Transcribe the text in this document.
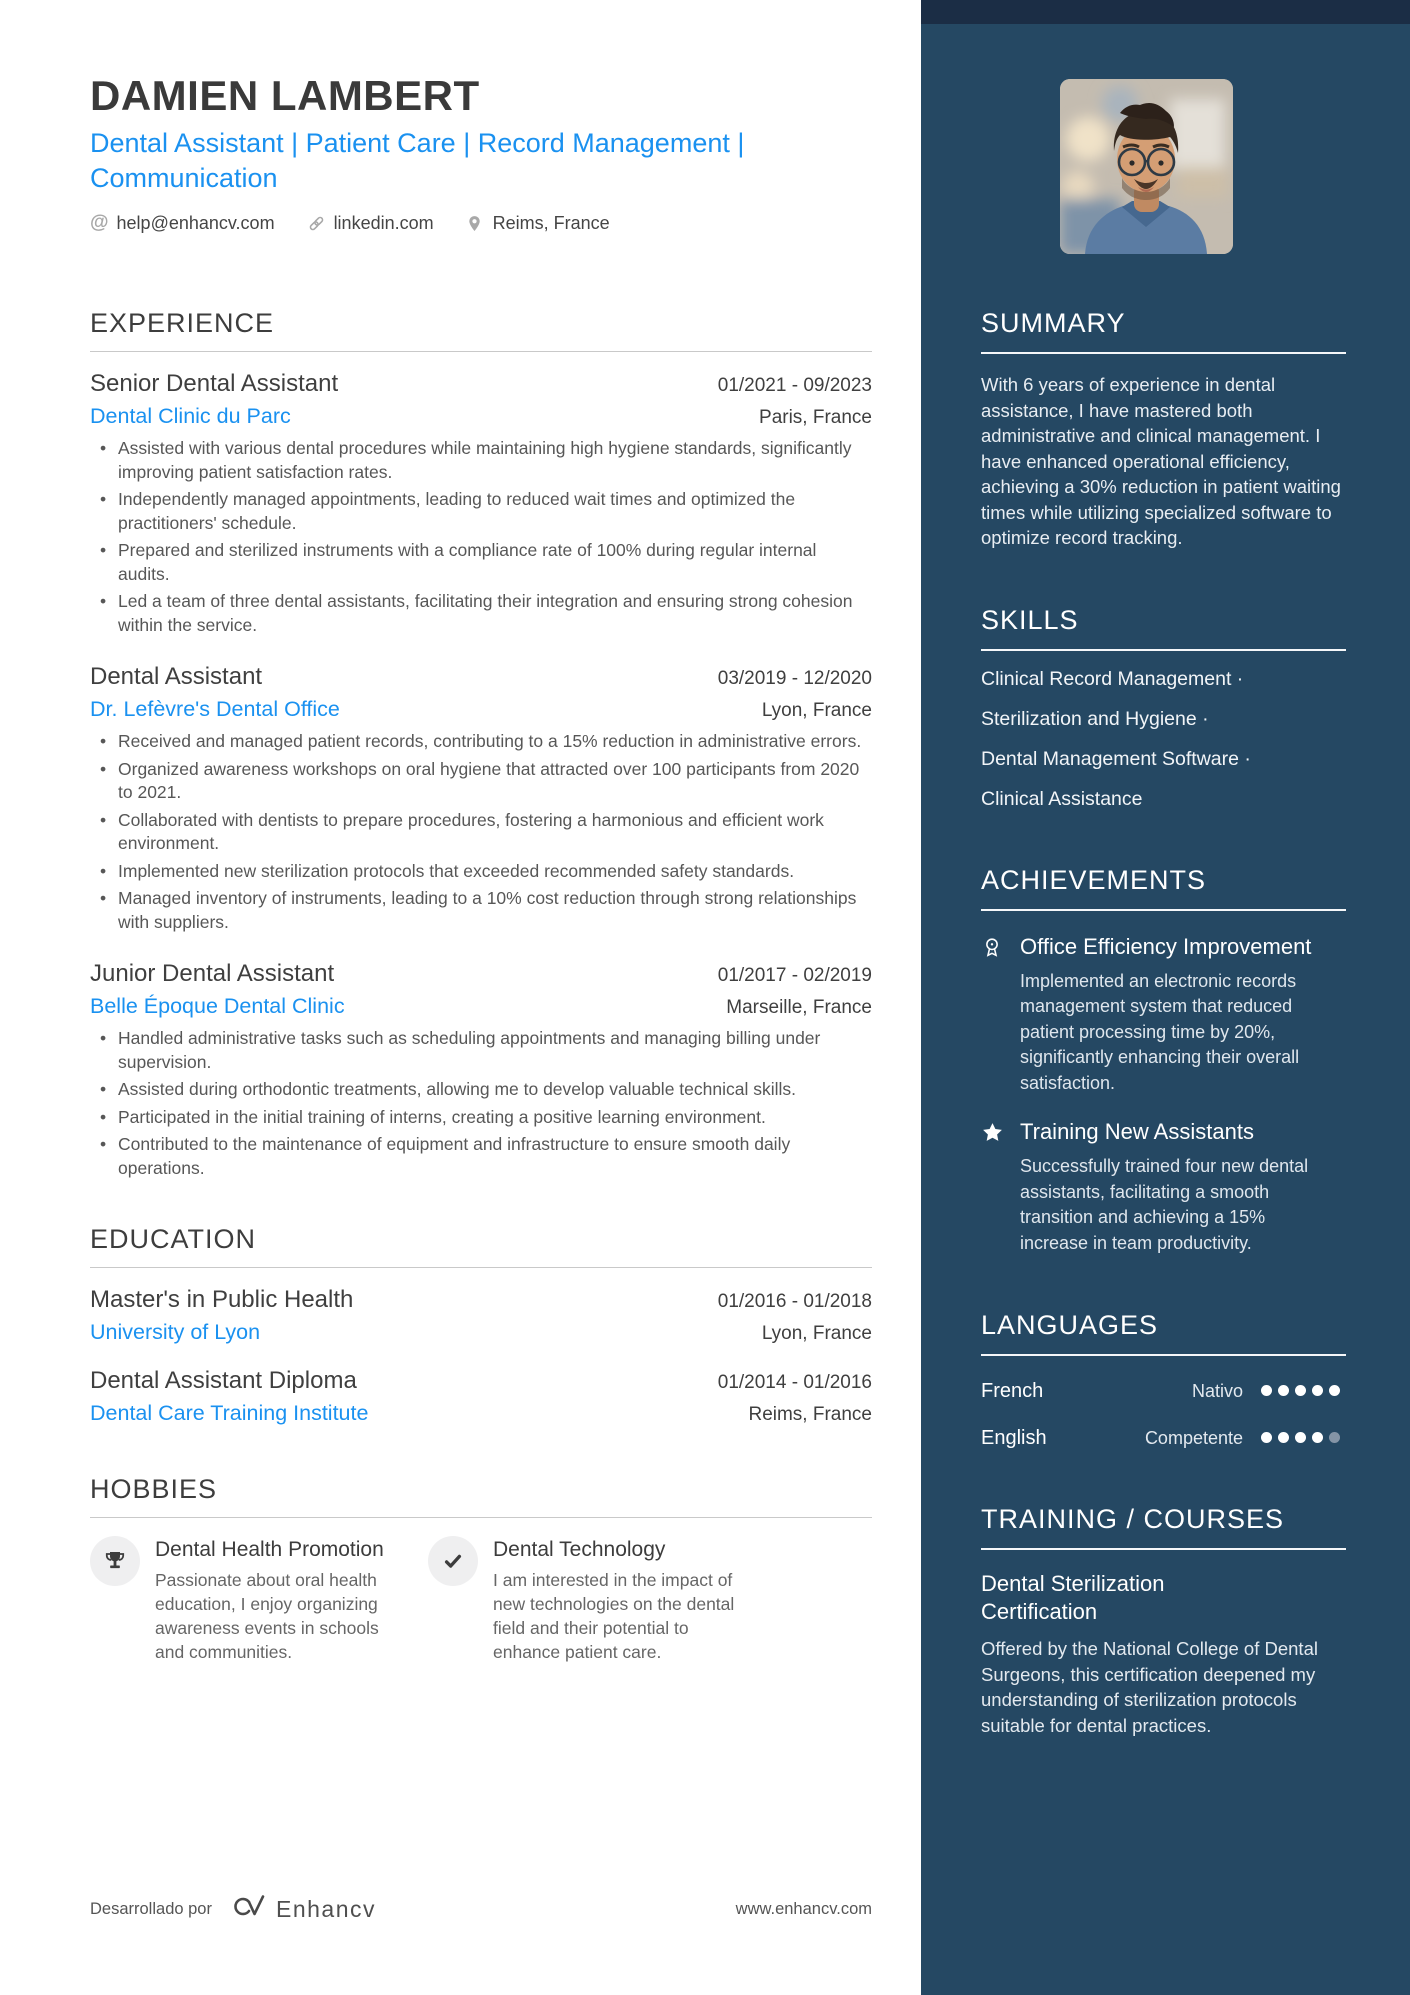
DAMIEN LAMBERT
Dental Assistant | Patient Care | Record Management | Communication
@ help@enhancv.com	linkedin.com	Reims, France
EXPERIENCE
Senior Dental Assistant	01/2021 - 09/2023
Dental Clinic du Parc	Paris, France
• Assisted with various dental procedures while maintaining high hygiene standards, significantly improving patient satisfaction rates.
• Independently managed appointments, leading to reduced wait times and optimized the practitioners' schedule.
• Prepared and sterilized instruments with a compliance rate of 100% during regular internal audits.
• Led a team of three dental assistants, facilitating their integration and ensuring strong cohesion within the service.
Dental Assistant	03/2019 - 12/2020
Dr. Lefèvre's Dental Office	Lyon, France
• Received and managed patient records, contributing to a 15% reduction in administrative errors.
• Organized awareness workshops on oral hygiene that attracted over 100 participants from 2020 to 2021.
• Collaborated with dentists to prepare procedures, fostering a harmonious and efficient work environment.
• Implemented new sterilization protocols that exceeded recommended safety standards.
• Managed inventory of instruments, leading to a 10% cost reduction through strong relationships with suppliers.
Junior Dental Assistant	01/2017 - 02/2019
Belle Époque Dental Clinic	Marseille, France
• Handled administrative tasks such as scheduling appointments and managing billing under supervision.
• Assisted during orthodontic treatments, allowing me to develop valuable technical skills.
• Participated in the initial training of interns, creating a positive learning environment.
• Contributed to the maintenance of equipment and infrastructure to ensure smooth daily operations.
EDUCATION
Master's in Public Health	01/2016 - 01/2018
University of Lyon	Lyon, France
Dental Assistant Diploma	01/2014 - 01/2016
Dental Care Training Institute	Reims, France
HOBBIES
Dental Health Promotion
Passionate about oral health education, I enjoy organizing awareness events in schools and communities.
Dental Technology
I am interested in the impact of new technologies on the dental field and their potential to enhance patient care.
Desarrollado por	Enhancv	www.enhancv.com
SUMMARY

With 6 years of experience in dental assistance, I have mastered both administrative and clinical management. I have enhanced operational efficiency, achieving a 30% reduction in patient waiting times while utilizing specialized software to optimize record tracking.

SKILLS
Clinical Record Management ·
Sterilization and Hygiene ·
Dental Management Software ·
Clinical Assistance
ACHIEVEMENTS
Office Efficiency Improvement
Implemented an electronic records management system that reduced patient processing time by 20%, significantly enhancing their overall satisfaction.
Training New Assistants
Successfully trained four new dental assistants, facilitating a smooth transition and achieving a 15% increase in team productivity.
LANGUAGES
French	Nativo
English	Competente
TRAINING / COURSES
Dental Sterilization Certification
Offered by the National College of Dental Surgeons, this certification deepened my understanding of sterilization protocols suitable for dental practices.
